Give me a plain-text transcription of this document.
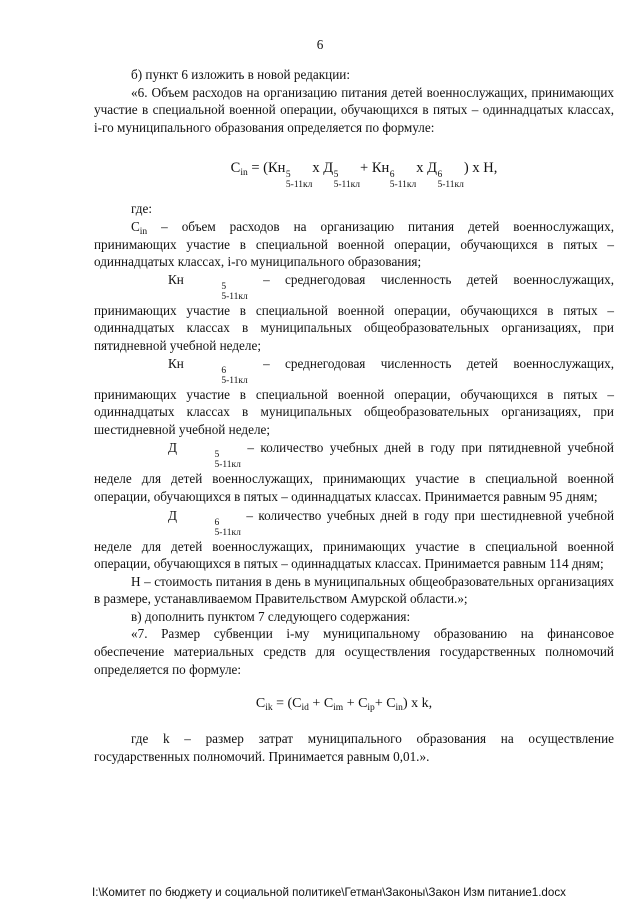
6

б) пункт 6 изложить в новой редакции:

«6. Объем расходов на организацию питания детей военнослужащих, принимающих участие в специальной военной операции, обучающихся в пятых – одиннадцатых классах, i-го муниципального образования определяется по формуле:

$C_{in} = (Кн$ 5
5-11кл
x Д 5
5-11кл
+ Кн 6
5-11кл
x Д 6
5-11кл
) x H,

где:

$C_{in}$ – объем расходов на организацию питания детей военнослужащих, принимающих участие в специальной военной операции, обучающихся в пятых – одиннадцатых классах, i-го муниципального образования;

Кн	5
5-11кл
– среднегодовая численность детей военнослужащих,

принимающих участие в специальной военной операции, обучающихся в пятых – одиннадцатых классах в муниципальных общеобразовательных организациях, при пятидневной учебной неделе;

Кн	6
5-11кл
– среднегодовая численность детей военнослужащих,

принимающих участие в специальной военной операции, обучающихся в пятых – одиннадцатых классах в муниципальных общеобразовательных организациях, при шестидневной учебной неделе;

Д	5
5-11кл
– количество учебных дней в году при пятидневной учебной неделе для детей военнослужащих, принимающих участие в специальной военной операции, обучающихся в пятых – одиннадцатых классах. Принимается равным 95 дням;

Д	6
5-11кл
– количество учебных дней в году при шестидневной учебной неделе для детей военнослужащих, принимающих участие в специальной военной операции, обучающихся в пятых – одиннадцатых классах. Принимается равным 114 дням;

Н – стоимость питания в день в муниципальных общеобразовательных организациях в размере, устанавливаемом Правительством Амурской области.»;

в) дополнить пунктом 7 следующего содержания:

«7. Размер субвенции i-му муниципальному образованию на финансовое обеспечение материальных средств для осуществления государственных полномочий определяется по формуле:

$C_{ik} = (C_{id} + C_{im} + C_{ip}+ C_{in})$ x k,

где k – размер затрат муниципального образования на осуществление государственных полномочий. Принимается равным 0,01.».

I:\Комитет по бюджету и социальной политике\Гетман\Законы\Закон Изм питание1.docx
